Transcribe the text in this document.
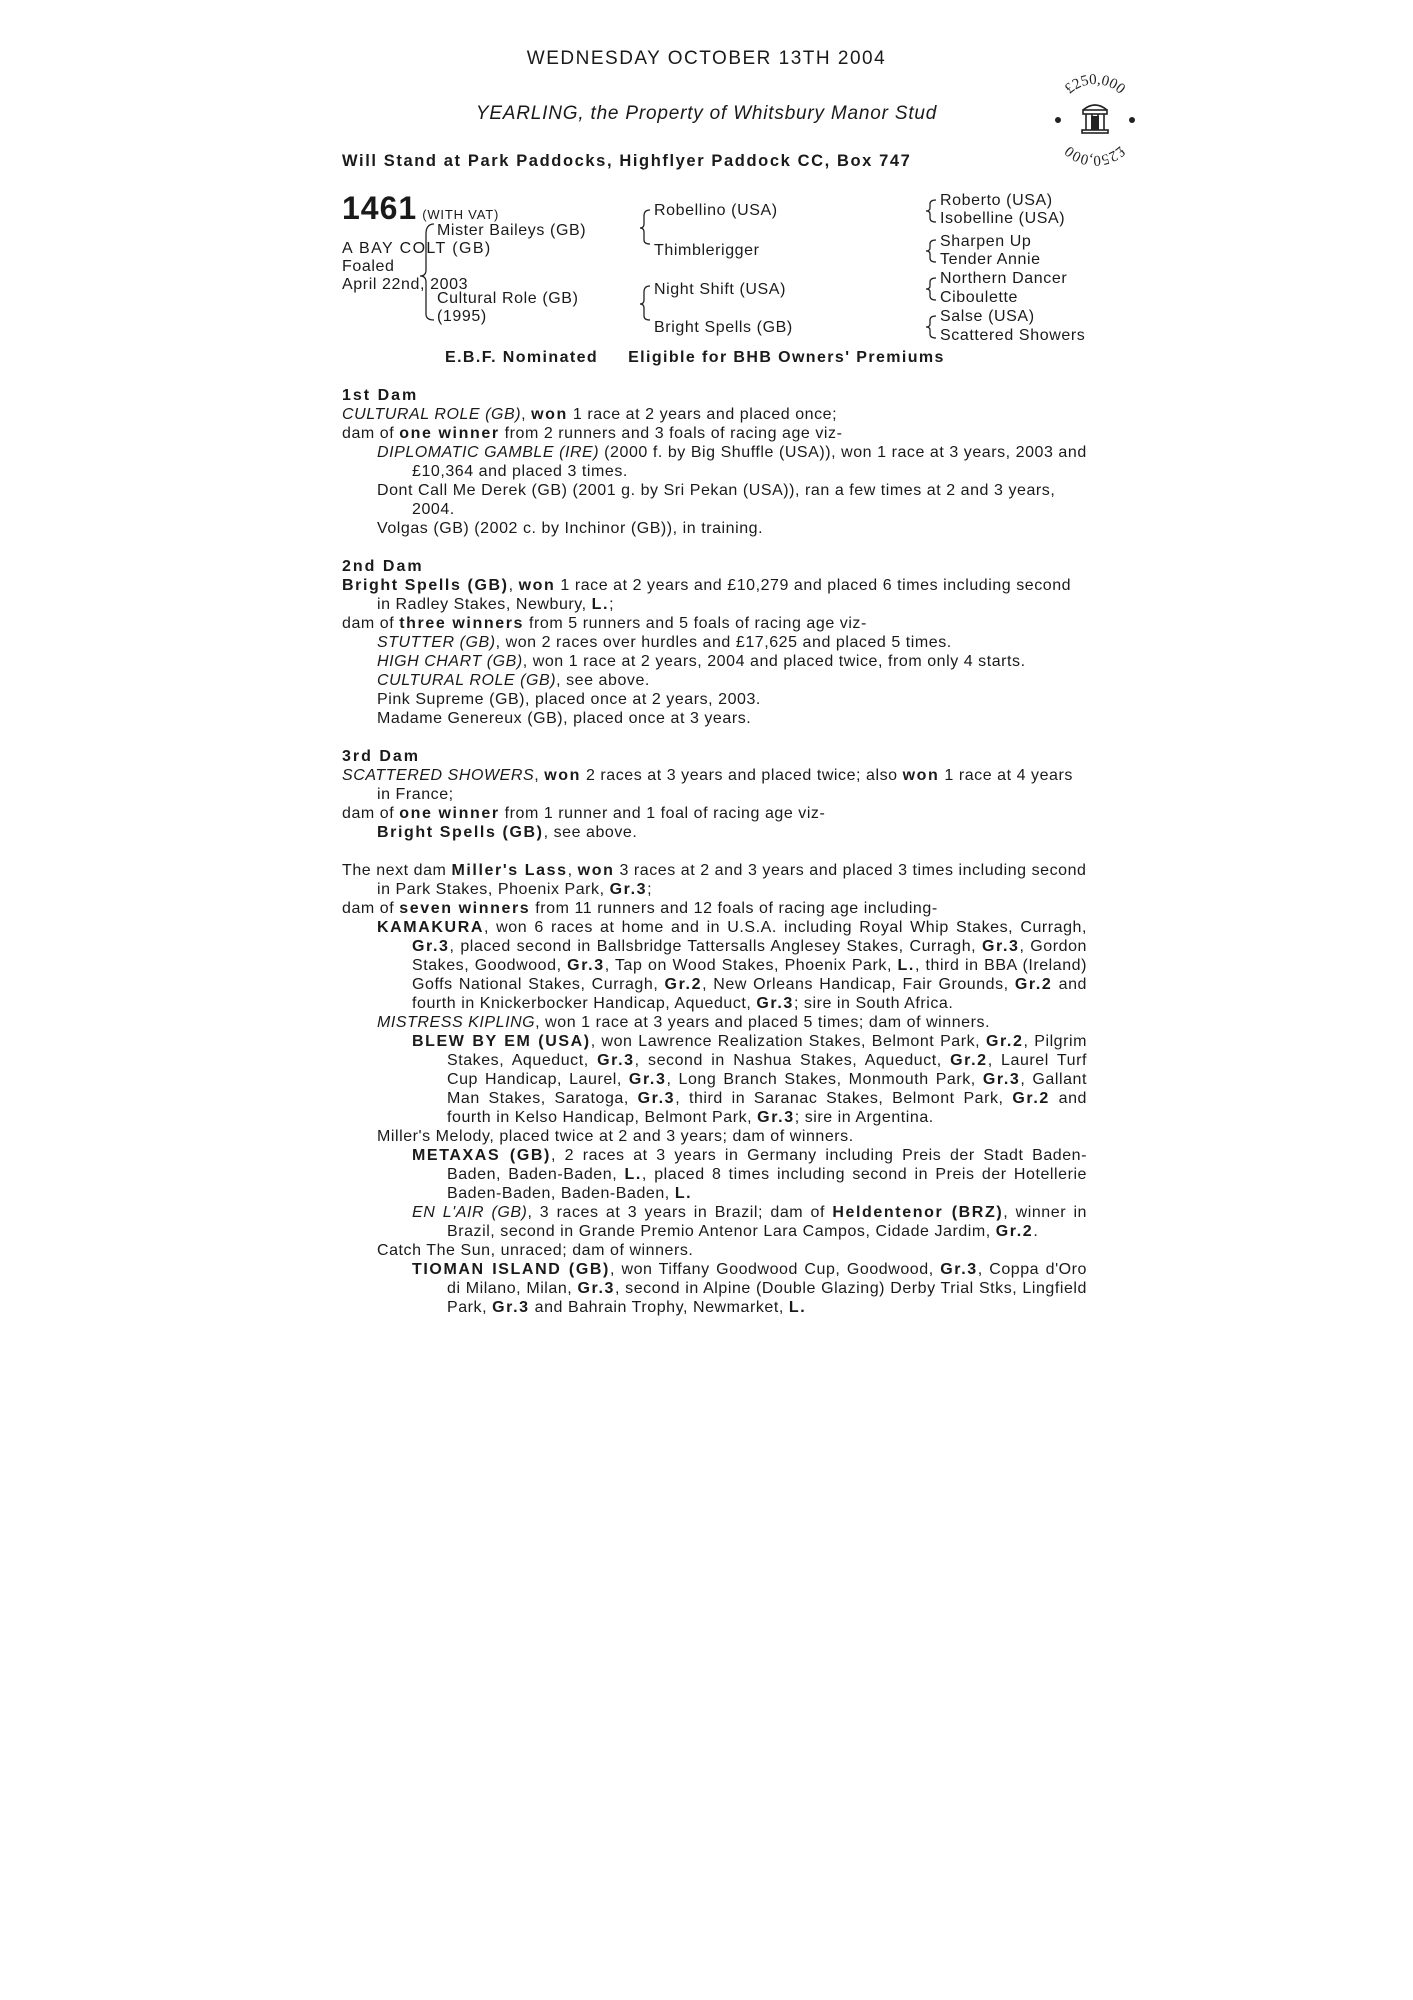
WEDNESDAY OCTOBER 13TH 2004
YEARLING, the Property of Whitsbury Manor Stud
Will Stand at Park Paddocks, Highflyer Paddock CC, Box 747
£250,000
£250,000
1461 (WITH VAT)
A BAY COLT (GB)
Foaled
April 22nd, 2003
Mister Baileys (GB)
Cultural Role (GB)
(1995)
Robellino (USA)
Thimblerigger
Night Shift (USA)
Bright Spells (GB)
Roberto (USA)
Isobelline (USA)
Sharpen Up
Tender Annie
Northern Dancer
Ciboulette
Salse (USA)
Scattered Showers
E.B.F. Nominated Eligible for BHB Owners' Premiums

1st Dam

CULTURAL ROLE (GB), won 1 race at 2 years and placed once;

dam of one winner from 2 runners and 3 foals of racing age viz-

DIPLOMATIC GAMBLE (IRE) (2000 f. by Big Shuffle (USA)), won 1 race at 3 years, 2003 and £10,364 and placed 3 times.

Dont Call Me Derek (GB) (2001 g. by Sri Pekan (USA)), ran a few times at 2 and 3 years, 2004.

Volgas (GB) (2002 c. by Inchinor (GB)), in training.

2nd Dam

Bright Spells (GB), won 1 race at 2 years and £10,279 and placed 6 times including second in Radley Stakes, Newbury, L.;

dam of three winners from 5 runners and 5 foals of racing age viz-

STUTTER (GB), won 2 races over hurdles and £17,625 and placed 5 times.

HIGH CHART (GB), won 1 race at 2 years, 2004 and placed twice, from only 4 starts.

CULTURAL ROLE (GB), see above.

Pink Supreme (GB), placed once at 2 years, 2003.

Madame Genereux (GB), placed once at 3 years.

3rd Dam

SCATTERED SHOWERS, won 2 races at 3 years and placed twice; also won 1 race at 4 years in France;

dam of one winner from 1 runner and 1 foal of racing age viz-

Bright Spells (GB), see above.

The next dam Miller's Lass, won 3 races at 2 and 3 years and placed 3 times including second in Park Stakes, Phoenix Park, Gr.3;

dam of seven winners from 11 runners and 12 foals of racing age including-

KAMAKURA, won 6 races at home and in U.S.A. including Royal Whip Stakes, Curragh, Gr.3, placed second in Ballsbridge Tattersalls Anglesey Stakes, Curragh, Gr.3, Gordon Stakes, Goodwood, Gr.3, Tap on Wood Stakes, Phoenix Park, L., third in BBA (Ireland) Goffs National Stakes, Curragh, Gr.2, New Orleans Handicap, Fair Grounds, Gr.2 and fourth in Knickerbocker Handicap, Aqueduct, Gr.3; sire in South Africa.

MISTRESS KIPLING, won 1 race at 3 years and placed 5 times; dam of winners.

BLEW BY EM (USA), won Lawrence Realization Stakes, Belmont Park, Gr.2, Pilgrim Stakes, Aqueduct, Gr.3, second in Nashua Stakes, Aqueduct, Gr.2, Laurel Turf Cup Handicap, Laurel, Gr.3, Long Branch Stakes, Monmouth Park, Gr.3, Gallant Man Stakes, Saratoga, Gr.3, third in Saranac Stakes, Belmont Park, Gr.2 and fourth in Kelso Handicap, Belmont Park, Gr.3; sire in Argentina.

Miller's Melody, placed twice at 2 and 3 years; dam of winners.

METAXAS (GB), 2 races at 3 years in Germany including Preis der Stadt Baden-Baden, Baden-Baden, L., placed 8 times including second in Preis der Hotellerie Baden-Baden, Baden-Baden, L.

EN L'AIR (GB), 3 races at 3 years in Brazil; dam of Heldentenor (BRZ), winner in Brazil, second in Grande Premio Antenor Lara Campos, Cidade Jardim, Gr.2.

Catch The Sun, unraced; dam of winners.

TIOMAN ISLAND (GB), won Tiffany Goodwood Cup, Goodwood, Gr.3, Coppa d'Oro di Milano, Milan, Gr.3, second in Alpine (Double Glazing) Derby Trial Stks, Lingfield Park, Gr.3 and Bahrain Trophy, Newmarket, L.
